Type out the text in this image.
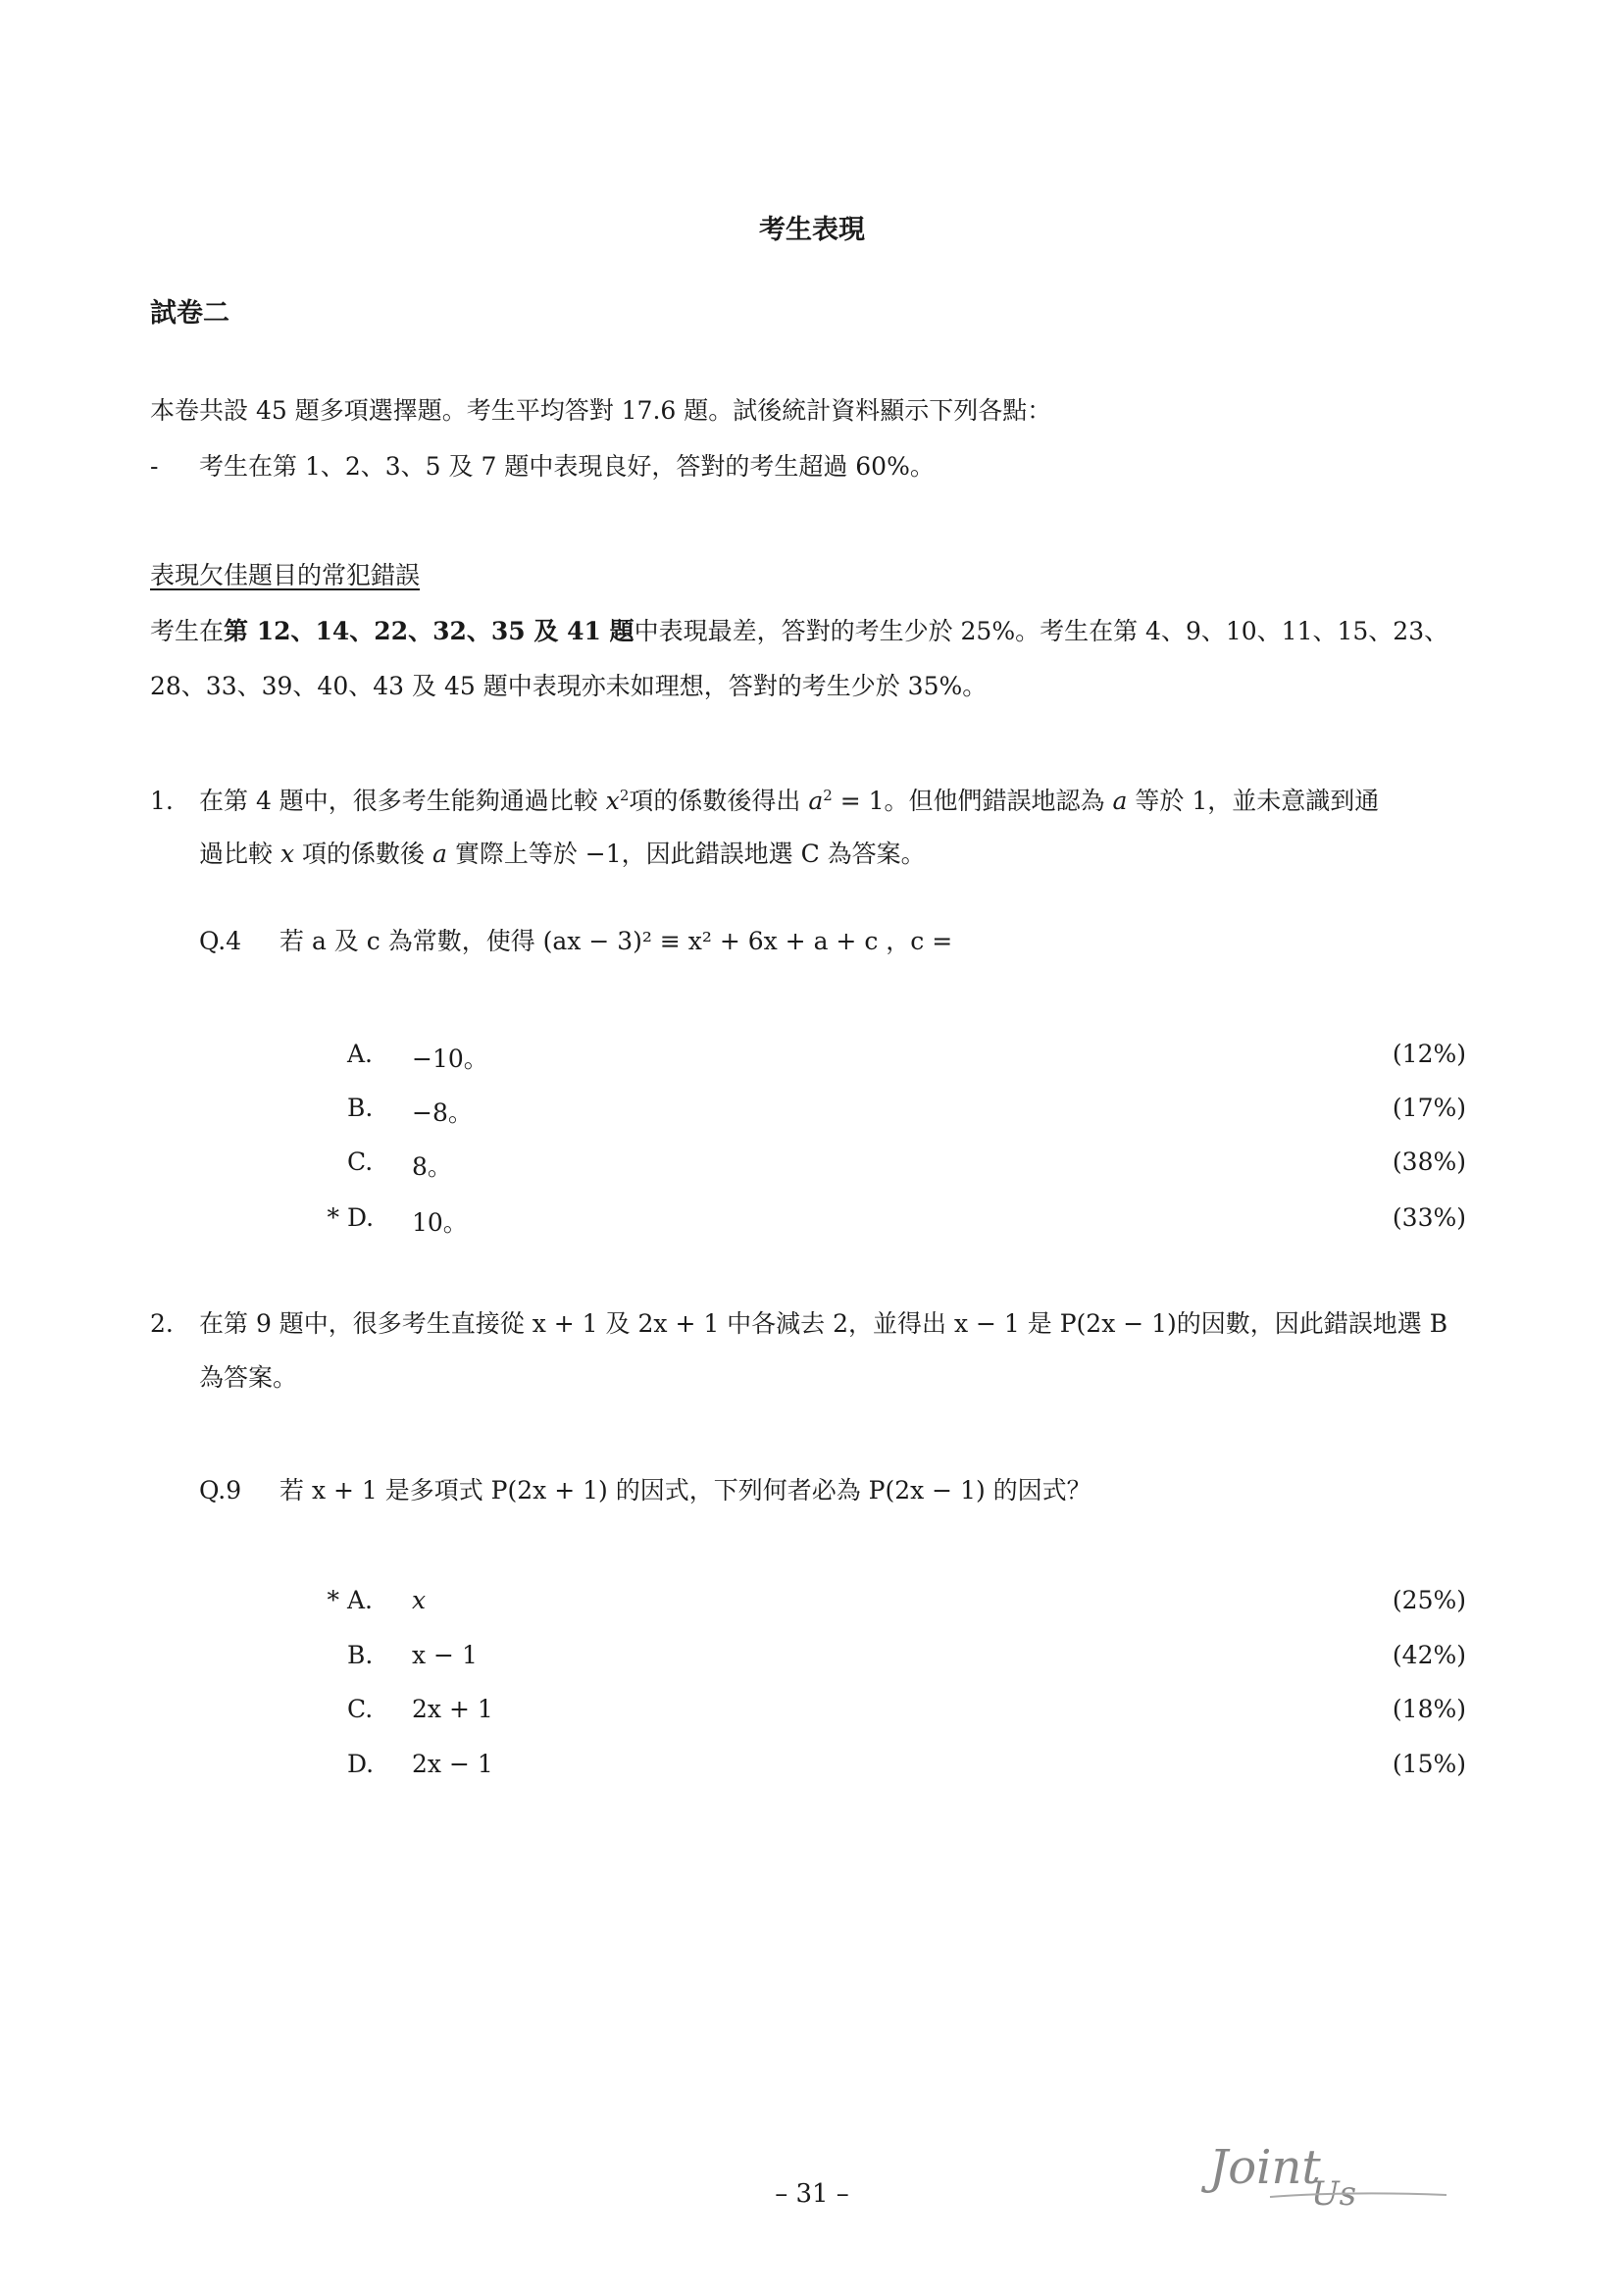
考生表現
試卷二
本卷共設 45 題多項選擇題。考生平均答對 17.6 題。試後統計資料顯示下列各點：
- 考生在第 1、2、3、5 及 7 題中表現良好，答對的考生超過 60%。
表現欠佳題目的常犯錯誤
考生在第 12、14、22、32、35 及 41 題中表現最差，答對的考生少於 25%。考生在第 4、9、10、11、15、23、
28、33、39、40、43 及 45 題中表現亦未如理想，答對的考生少於 35%。
1. 在第 4 題中，很多考生能夠通過比較 $x^2$項的係數後得出 $a^2 = 1$。但他們錯誤地認為 a 等於 1，並未意識到通
過比較 x 項的係數後 a 實際上等於 −1，因此錯誤地選 C 為答案。
Q.4 若 a 及 c 為常數，使得 (ax − 3)² ≡ x² + 6x + a + c ，c =
A. −10。	(12%)
B. −8。	(17%)
C. 8。	(38%)
* D. 10。	(33%)
2. 在第 9 題中，很多考生直接從 x + 1 及 2x + 1 中各減去 2，並得出 x − 1 是 P(2x − 1)的因數，因此錯誤地選 B
為答案。
Q.9 若 x + 1 是多項式 P(2x + 1) 的因式，下列何者必為 P(2x − 1) 的因式？
* A. x	(25%)
B. x − 1	(42%)
C. 2x + 1	(18%)
D. 2x − 1	(15%)
– 31 –	Joint
Us
